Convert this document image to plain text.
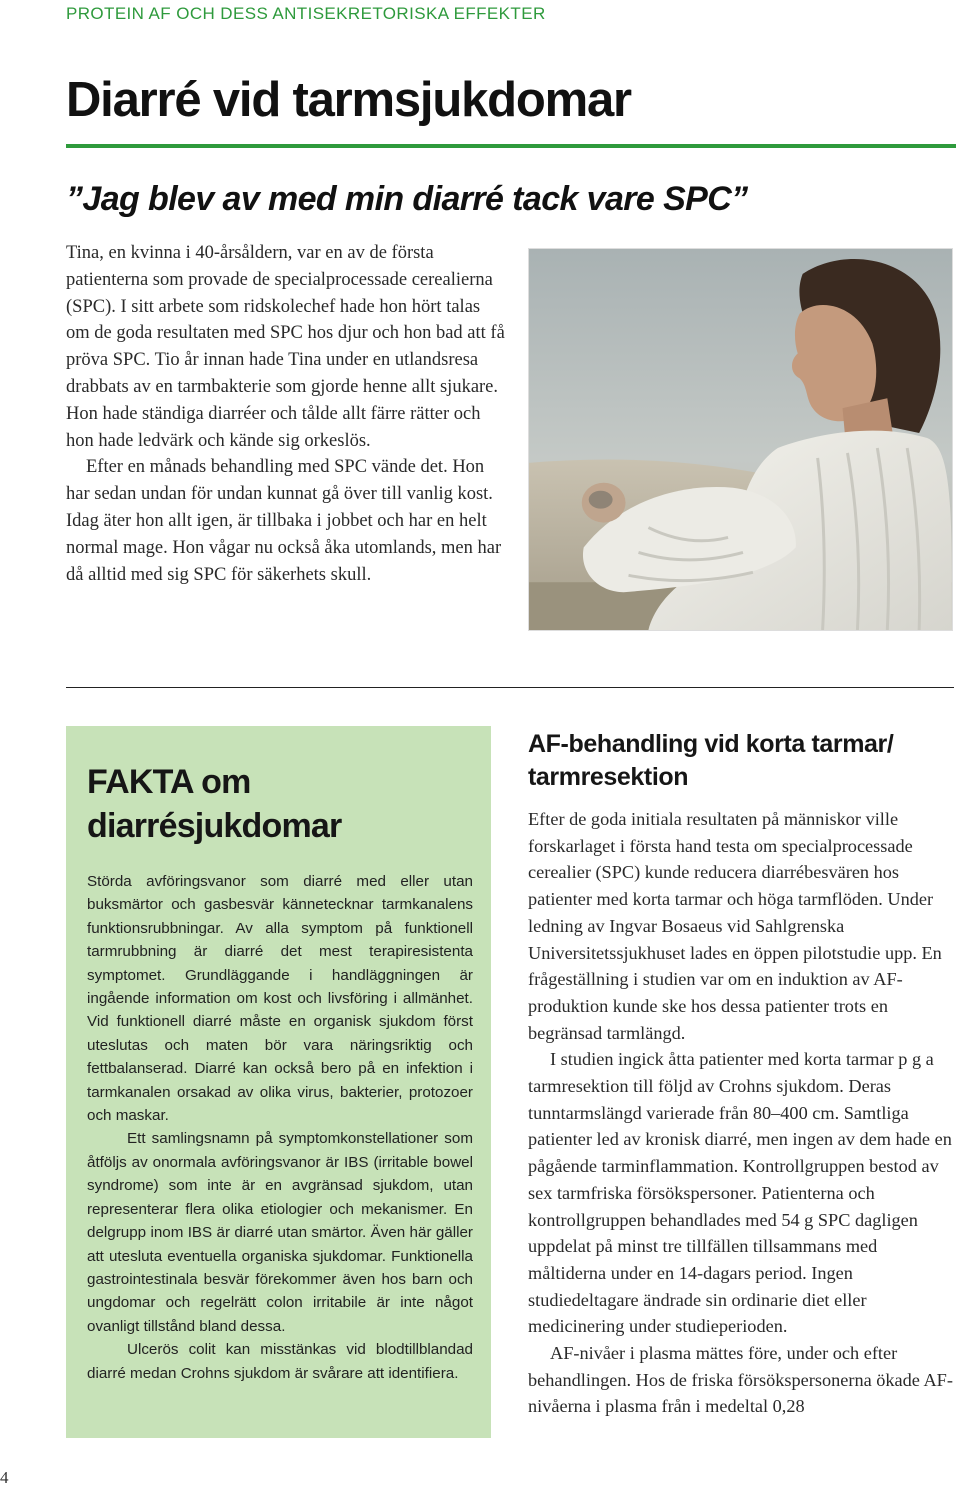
PROTEIN AF OCH DESS ANTISEKRETORISKA EFFEKTER
Diarré vid tarmsjukdomar
”Jag blev av med min diarré tack vare SPC”

Tina, en kvinna i 40-årsåldern, var en av de första patienterna som provade de specialprocessade cerealierna (SPC). I sitt arbete som ridskolechef hade hon hört talas om de goda resultaten med SPC hos djur och hon bad att få pröva SPC. Tio år innan hade Tina under en utlandsresa drabbats av en tarmbakterie som gjorde henne allt sjukare. Hon hade ständiga diarréer och tålde allt färre rätter och hon hade ledvärk och kände sig orkeslös.

Efter en månads behandling med SPC vände det. Hon har sedan undan för undan kunnat gå över till vanlig kost. Idag äter hon allt igen, är tillbaka i jobbet och har en helt normal mage. Hon vågar nu också åka utomlands, men har då alltid med sig SPC för säkerhets skull.

FAKTA om diarrésjukdomar

Störda avföringsvanor som diarré med eller utan buksmärtor och gasbesvär kännetecknar tarmkanalens funktionsrubbningar. Av alla symptom på funktionell tarmrubbning är diarré det mest terapiresistenta symptomet. Grundläggande i handläggningen är ingående information om kost och livsföring i allmänhet. Vid funktionell diarré måste en organisk sjukdom först uteslutas och maten bör vara näringsriktig och fettbalanserad. Diarré kan också bero på en infektion i tarmkanalen orsakad av olika virus, bakterier, protozoer och maskar.

Ett samlingsnamn på symptomkonstellationer som åtföljs av onormala avföringsvanor är IBS (irritable bowel syndrome) som inte är en avgränsad sjukdom, utan representerar flera olika etiologier och mekanismer. En delgrupp inom IBS är diarré utan smärtor. Även här gäller att utesluta eventuella organiska sjukdomar. Funktionella gastrointestinala besvär förekommer även hos barn och ungdomar och regelrätt colon irritabile är inte något ovanligt tillstånd bland dessa.

Ulcerös colit kan misstänkas vid blodtillblandad diarré medan Crohns sjukdom är svårare att identifiera.

AF-behandling vid korta tarmar/ tarmresektion

Efter de goda initiala resultaten på människor ville forskarlaget i första hand testa om specialprocessade cerealier (SPC) kunde reducera diarrébesvären hos patienter med korta tarmar och höga tarmflöden. Under ledning av Ingvar Bosaeus vid Sahlgrenska Universitetssjukhuset lades en öppen pilotstudie upp. En frågeställning i studien var om en induktion av AF-produktion kunde ske hos dessa patienter trots en begränsad tarmlängd.

I studien ingick åtta patienter med korta tarmar p g a tarmresektion till följd av Crohns sjukdom. Deras tunntarmslängd varierade från 80–400 cm. Samtliga patienter led av kronisk diarré, men ingen av dem hade en pågående tarminflammation. Kontrollgruppen bestod av sex tarmfriska försökspersoner. Patienterna och kontrollgruppen behandlades med 54 g SPC dagligen uppdelat på minst tre tillfällen tillsammans med måltiderna under en 14-dagars period. Ingen studiedeltagare ändrade sin ordinarie diet eller medicinering under studieperioden.

AF-nivåer i plasma mättes före, under och efter behandlingen. Hos de friska försökspersonerna ökade AF-nivåerna i plasma från i medeltal 0,28

4
